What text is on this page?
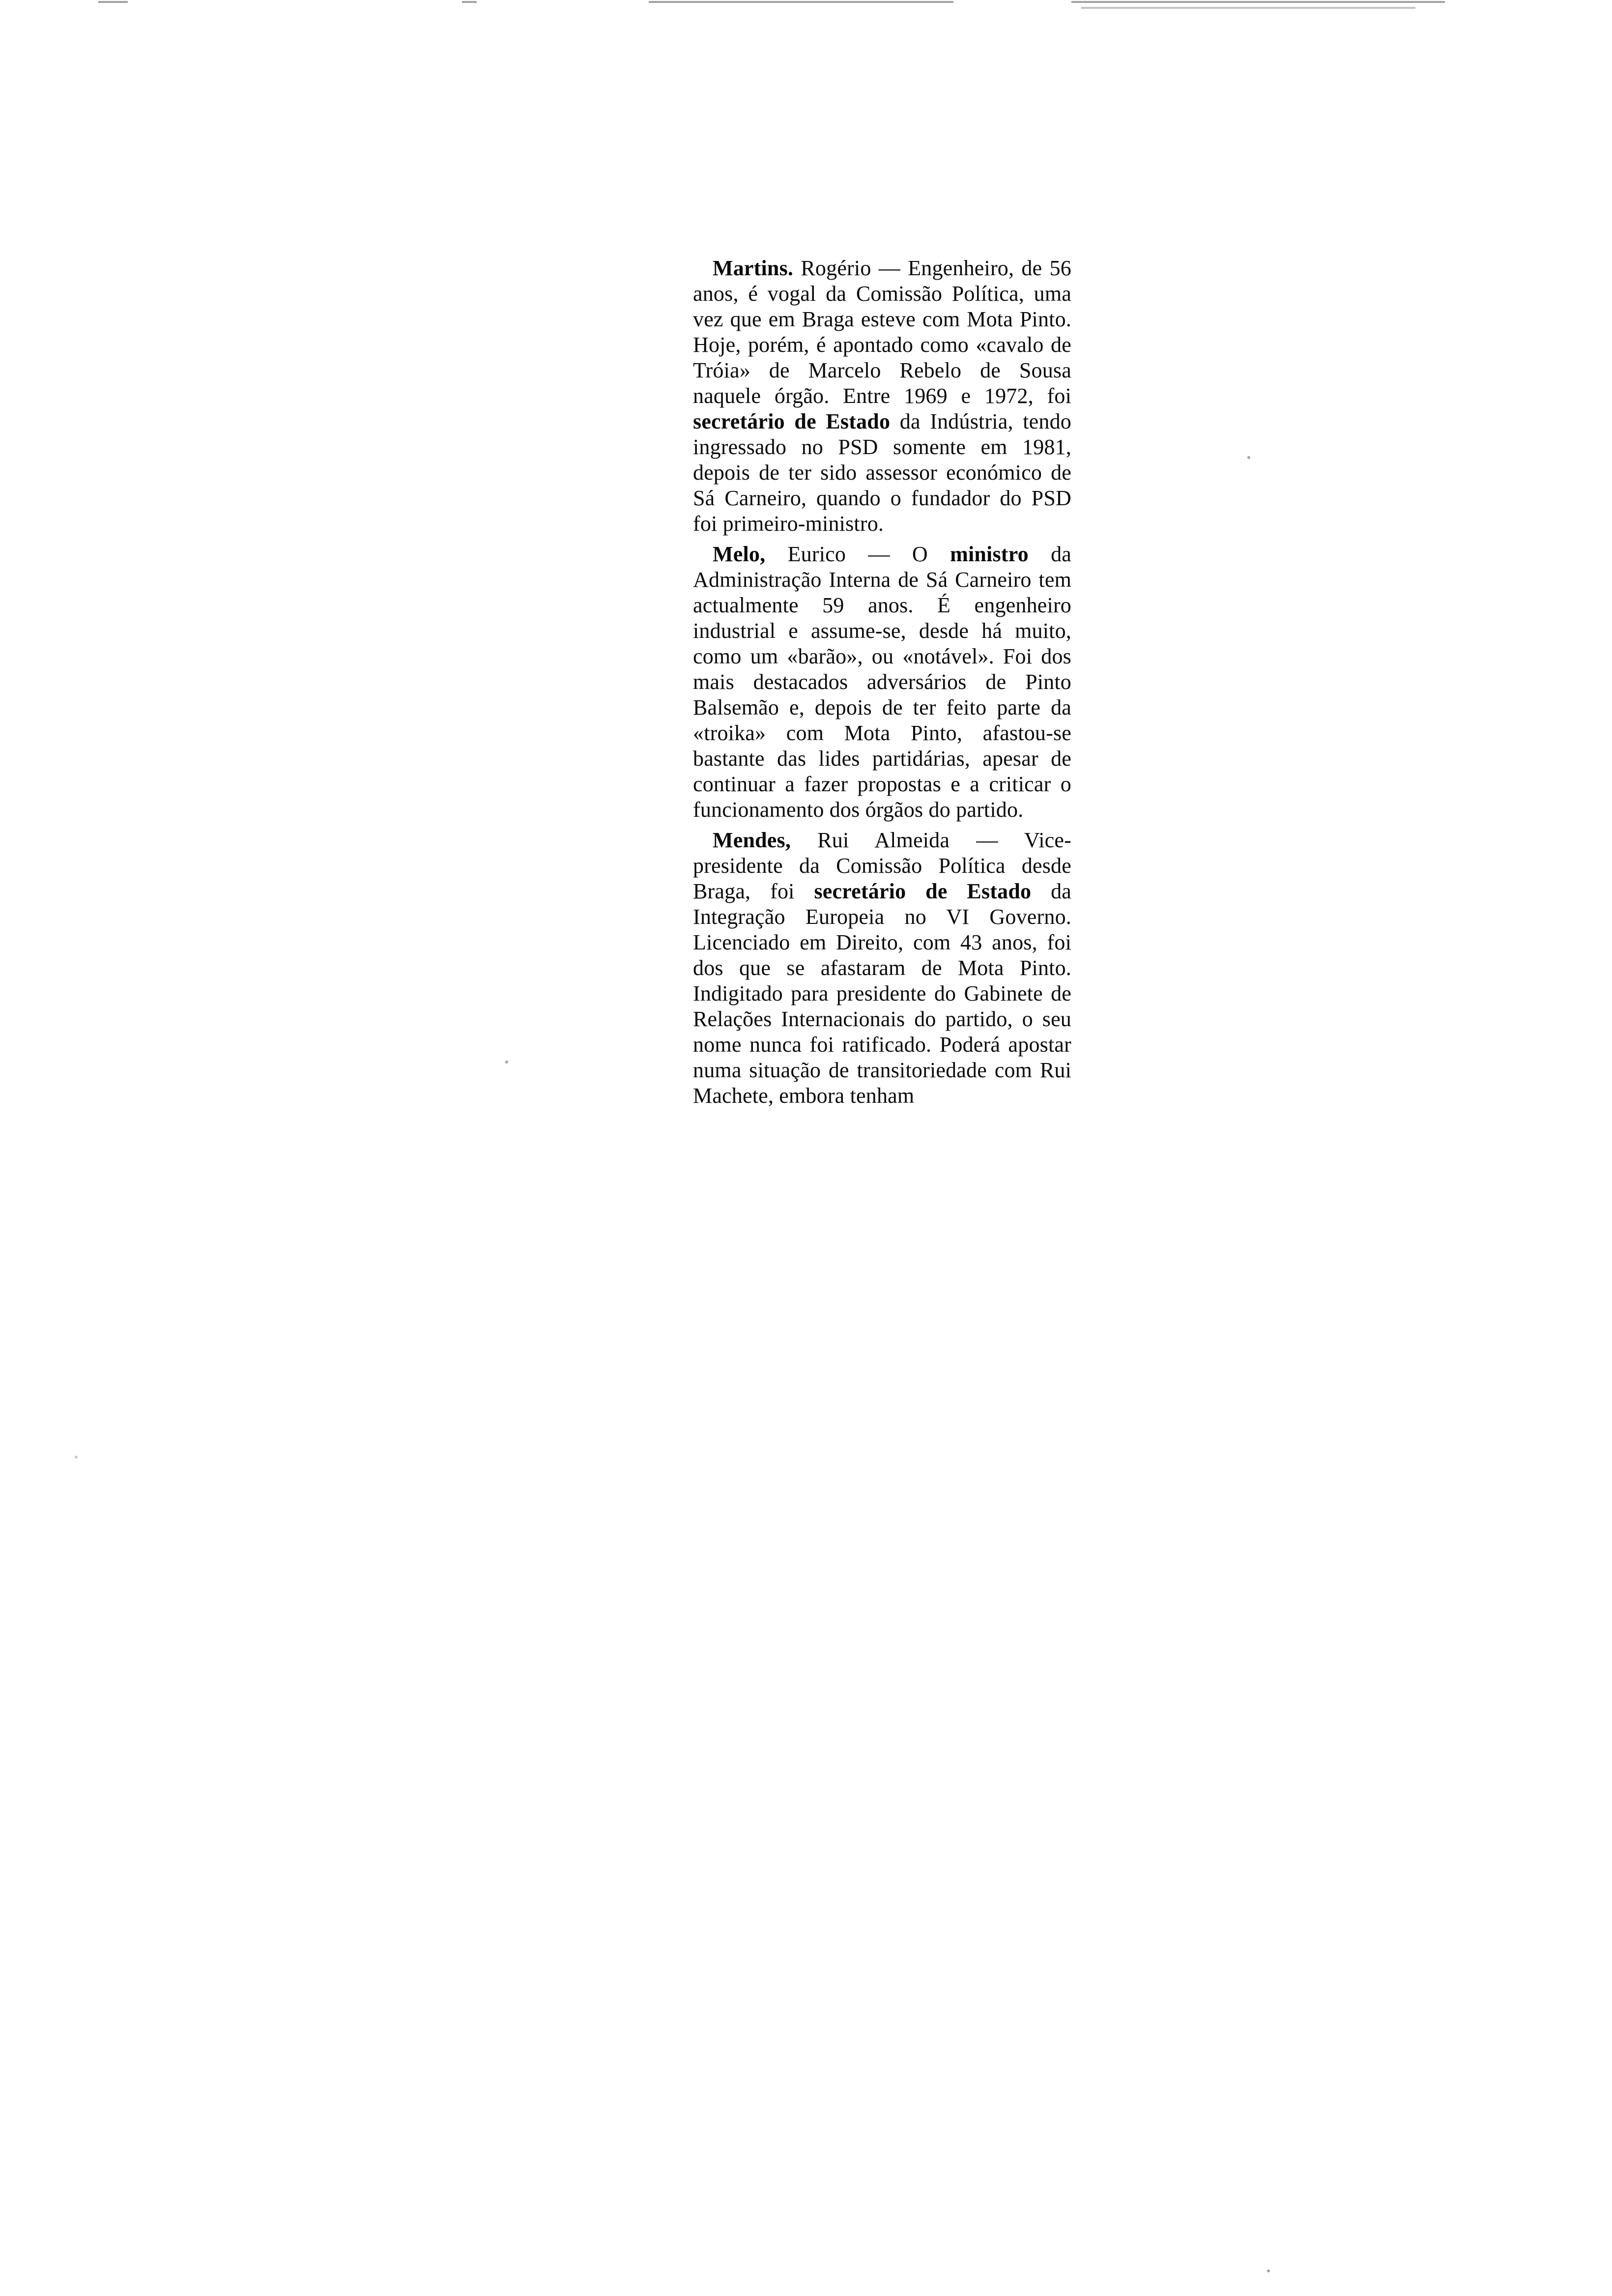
Martins. Rogério — Engenheiro, de 56 anos, é vogal da Comissão Política, uma vez que em Braga esteve com Mota Pinto. Hoje, porém, é apontado como «cavalo de Tróia» de Marcelo Rebelo de Sousa naquele órgão. Entre 1969 e 1972, foi secretário de Estado da Indústria, tendo ingressado no PSD somente em 1981, depois de ter sido assessor económico de Sá Carneiro, quando o fundador do PSD foi primeiro-ministro.

Melo, Eurico — O ministro da Administração Interna de Sá Carneiro tem actualmente 59 anos. É engenheiro industrial e assume-se, desde há muito, como um «barão», ou «notável». Foi dos mais destacados adversários de Pinto Balsemão e, depois de ter feito parte da «troika» com Mota Pinto, afastou-se bastante das lides partidárias, apesar de continuar a fazer propostas e a criticar o funcionamento dos órgãos do partido.

Mendes, Rui Almeida — Vice-presidente da Comissão Política desde Braga, foi secretário de Estado da Integração Europeia no VI Governo. Licenciado em Direito, com 43 anos, foi dos que se afastaram de Mota Pinto. Indigitado para presidente do Gabinete de Relações Internacionais do partido, o seu nome nunca foi ratificado. Poderá apostar numa situação de transitoriedade com Rui Machete, embora tenham
